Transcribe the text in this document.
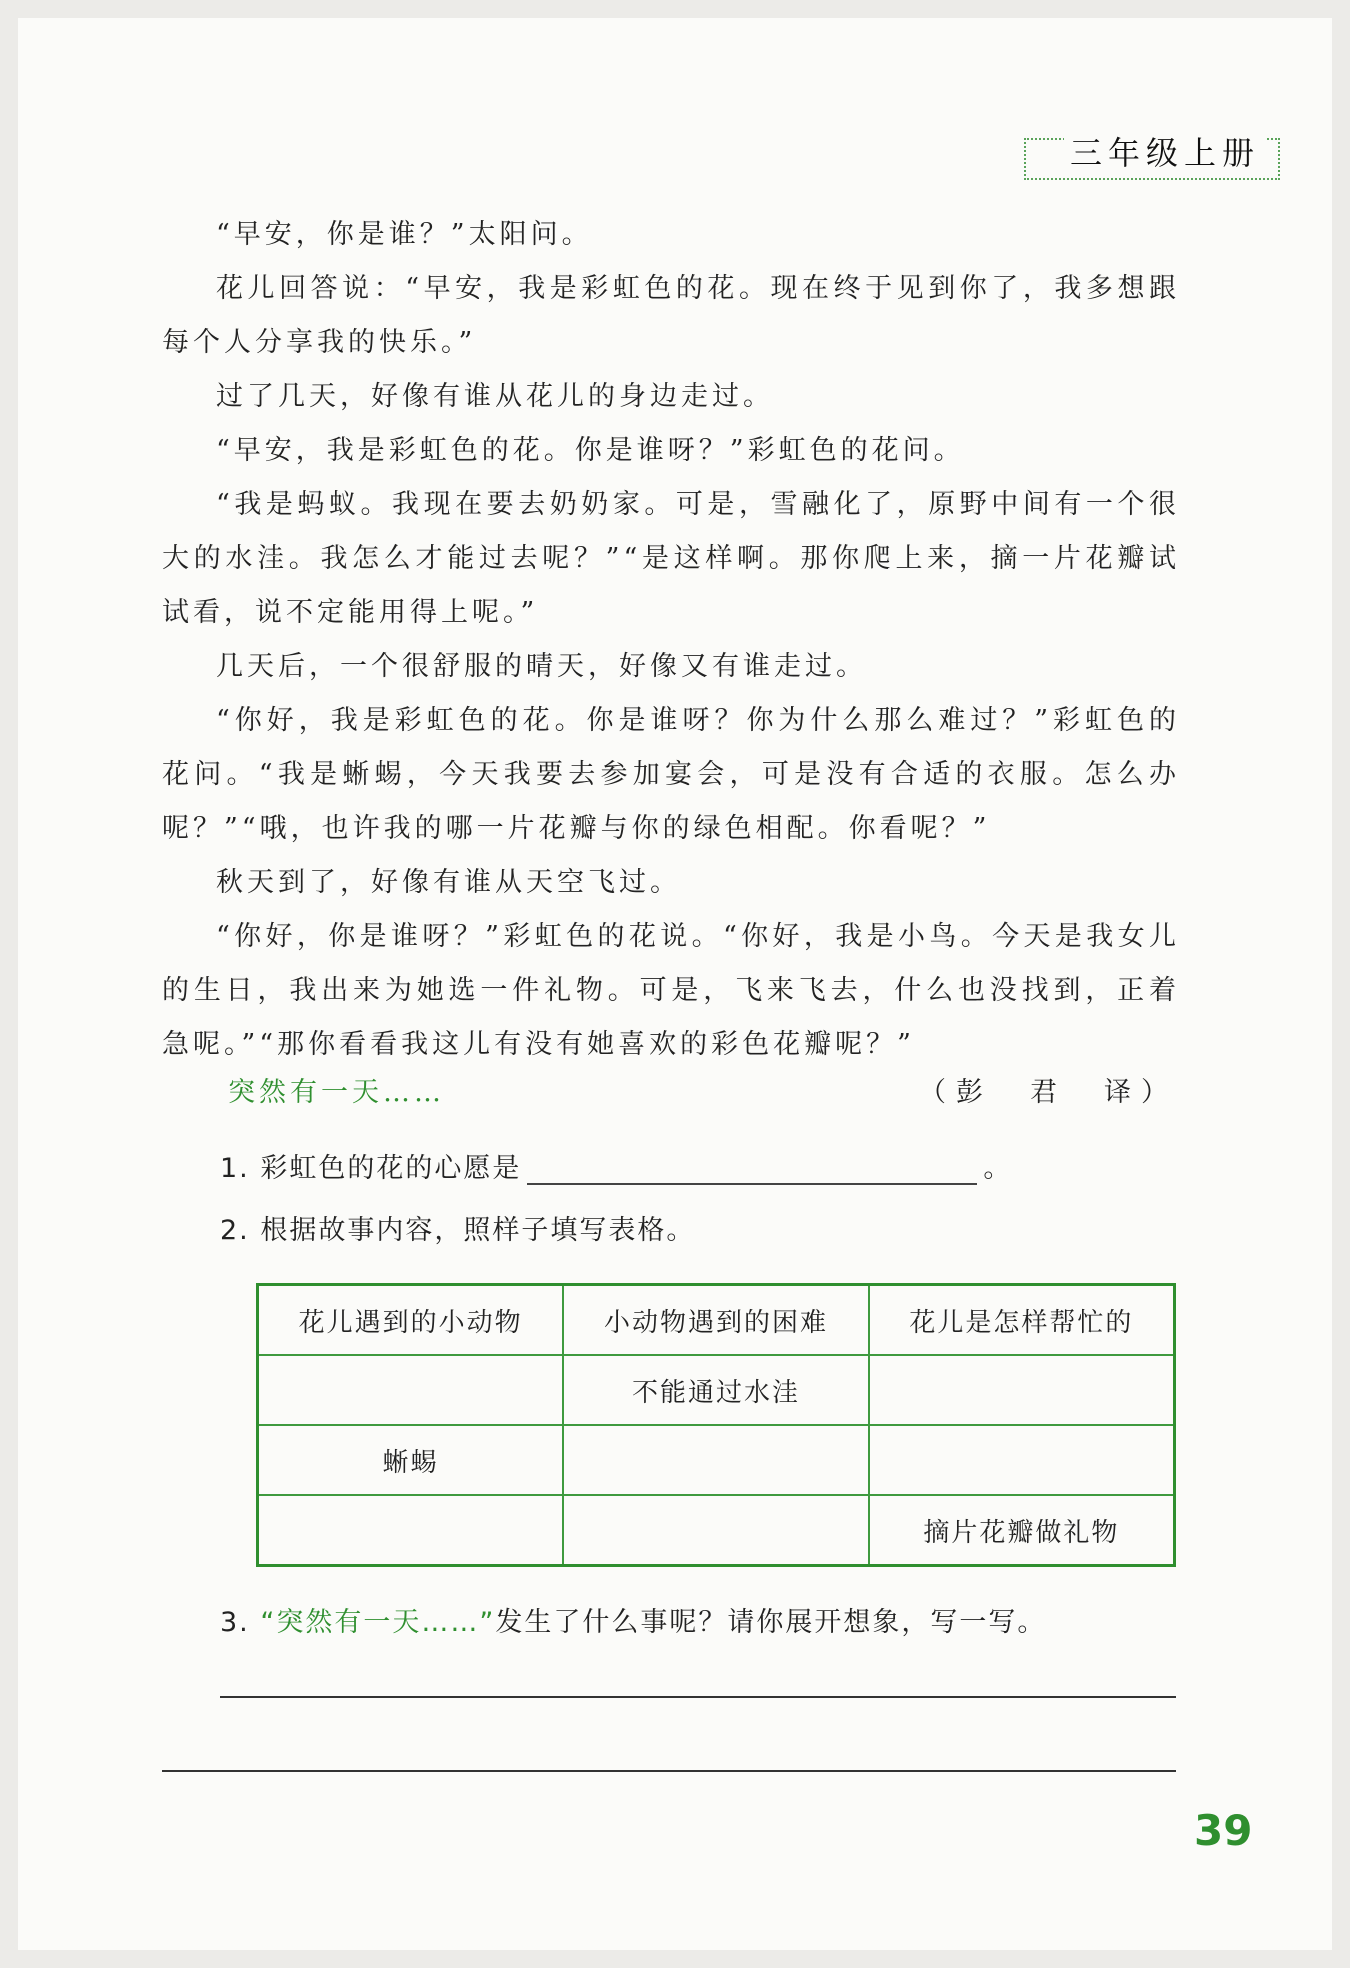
三年级上册

“早安，你是谁？”太阳问。

花儿回答说：“早安，我是彩虹色的花。现在终于见到你了，我多想跟每个人分享我的快乐。”

过了几天，好像有谁从花儿的身边走过。

“早安，我是彩虹色的花。你是谁呀？”彩虹色的花问。

“我是蚂蚁。我现在要去奶奶家。可是，雪融化了，原野中间有一个很大的水洼。我怎么才能过去呢？”“是这样啊。那你爬上来，摘一片花瓣试试看，说不定能用得上呢。”

几天后，一个很舒服的晴天，好像又有谁走过。

“你好，我是彩虹色的花。你是谁呀？你为什么那么难过？”彩虹色的花问。“我是蜥蜴，今天我要去参加宴会，可是没有合适的衣服。怎么办呢？”“哦，也许我的哪一片花瓣与你的绿色相配。你看呢？”

秋天到了，好像有谁从天空飞过。

“你好，你是谁呀？”彩虹色的花说。“你好，我是小鸟。今天是我女儿的生日，我出来为她选一件礼物。可是，飞来飞去，什么也没找到，正着急呢。”“那你看看我这儿有没有她喜欢的彩色花瓣呢？”

突然有一天……	（彭　君　译）
1. 彩虹色的花的心愿是	。
2. 根据故事内容，照样子填写表格。
花儿遇到的小动物	小动物遇到的困难	花儿是怎样帮忙的
	不能通过水洼	
蜥蜴		
		摘片花瓣做礼物
3. “突然有一天……”发生了什么事呢？请你展开想象，写一写。
39
